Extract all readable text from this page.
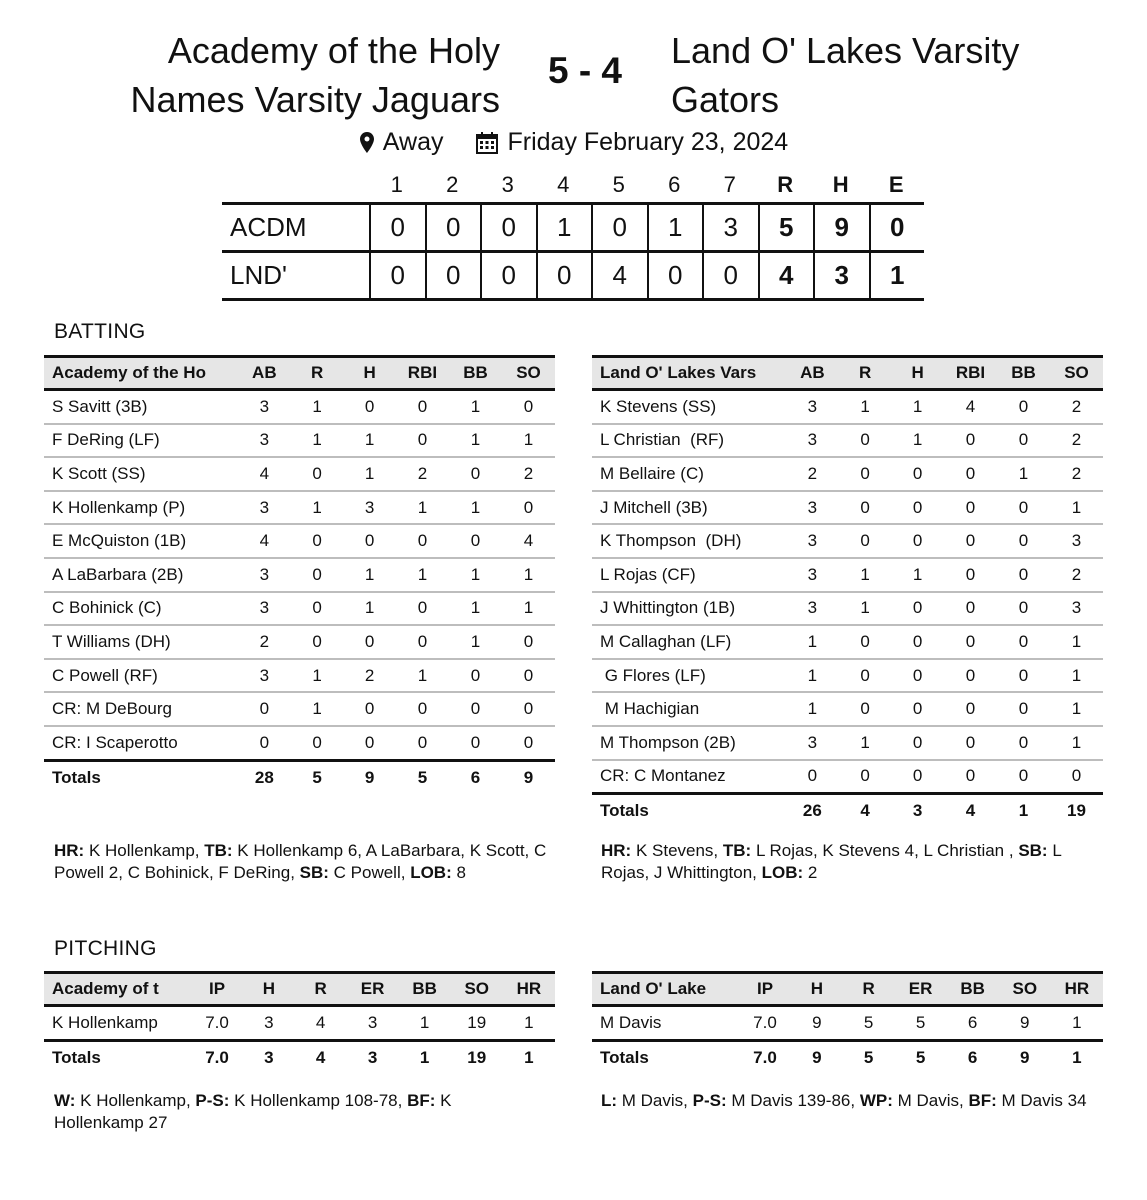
Academy of the Holy Names Varsity Jaguars
5 - 4	Land O' Lakes Varsity Gators
Away	Friday February 23, 2024
1	2	3	4	5	6	7	R	H	E
ACDM	0	0	0	1	0	1	3	5	9	0
LND'	0	0	0	0	4	0	0	4	3	1
BATTING
Academy of the Ho	AB	R	H	RBI	BB	SO
S Savitt (3B)	3	1	0	0	1	0
F DeRing (LF)	3	1	1	0	1	1
K Scott (SS)	4	0	1	2	0	2
K Hollenkamp (P)	3	1	3	1	1	0
E McQuiston (1B)	4	0	0	0	0	4
A LaBarbara (2B)	3	0	1	1	1	1
C Bohinick (C)	3	0	1	0	1	1
T Williams (DH)	2	0	0	0	1	0
C Powell (RF)	3	1	2	1	0	0
CR: M DeBourg	0	1	0	0	0	0
CR: I Scaperotto	0	0	0	0	0	0
Totals	28	5	9	5	6	9
Land O' Lakes Vars	AB	R	H	RBI	BB	SO
K Stevens (SS)	3	1	1	4	0	2
L Christian  (RF)	3	0	1	0	0	2
M Bellaire (C)	2	0	0	0	1	2
J Mitchell (3B)	3	0	0	0	0	1
K Thompson  (DH)	3	0	0	0	0	3
L Rojas (CF)	3	1	1	0	0	2
J Whittington (1B)	3	1	0	0	0	3
M Callaghan (LF)	1	0	0	0	0	1
G Flores (LF)	1	0	0	0	0	1
M Hachigian	1	0	0	0	0	1
M Thompson (2B)	3	1	0	0	0	1
CR: C Montanez	0	0	0	0	0	0
Totals	26	4	3	4	1	19
HR: K Hollenkamp, TB: K Hollenkamp 6, A LaBarbara, K Scott, C Powell 2, C Bohinick, F DeRing, SB: C Powell, LOB: 8
HR: K Stevens, TB: L Rojas, K Stevens 4, L Christian , SB: L Rojas, J Whittington, LOB: 2
PITCHING
Academy of t	IP	H	R	ER	BB	SO	HR
K Hollenkamp	7.0	3	4	3	1	19	1
Totals	7.0	3	4	3	1	19	1
Land O' Lake	IP	H	R	ER	BB	SO	HR
M Davis	7.0	9	5	5	6	9	1
Totals	7.0	9	5	5	6	9	1
W: K Hollenkamp, P-S: K Hollenkamp 108-78, BF: K Hollenkamp 27
L: M Davis, P-S: M Davis 139-86, WP: M Davis, BF: M Davis 34
